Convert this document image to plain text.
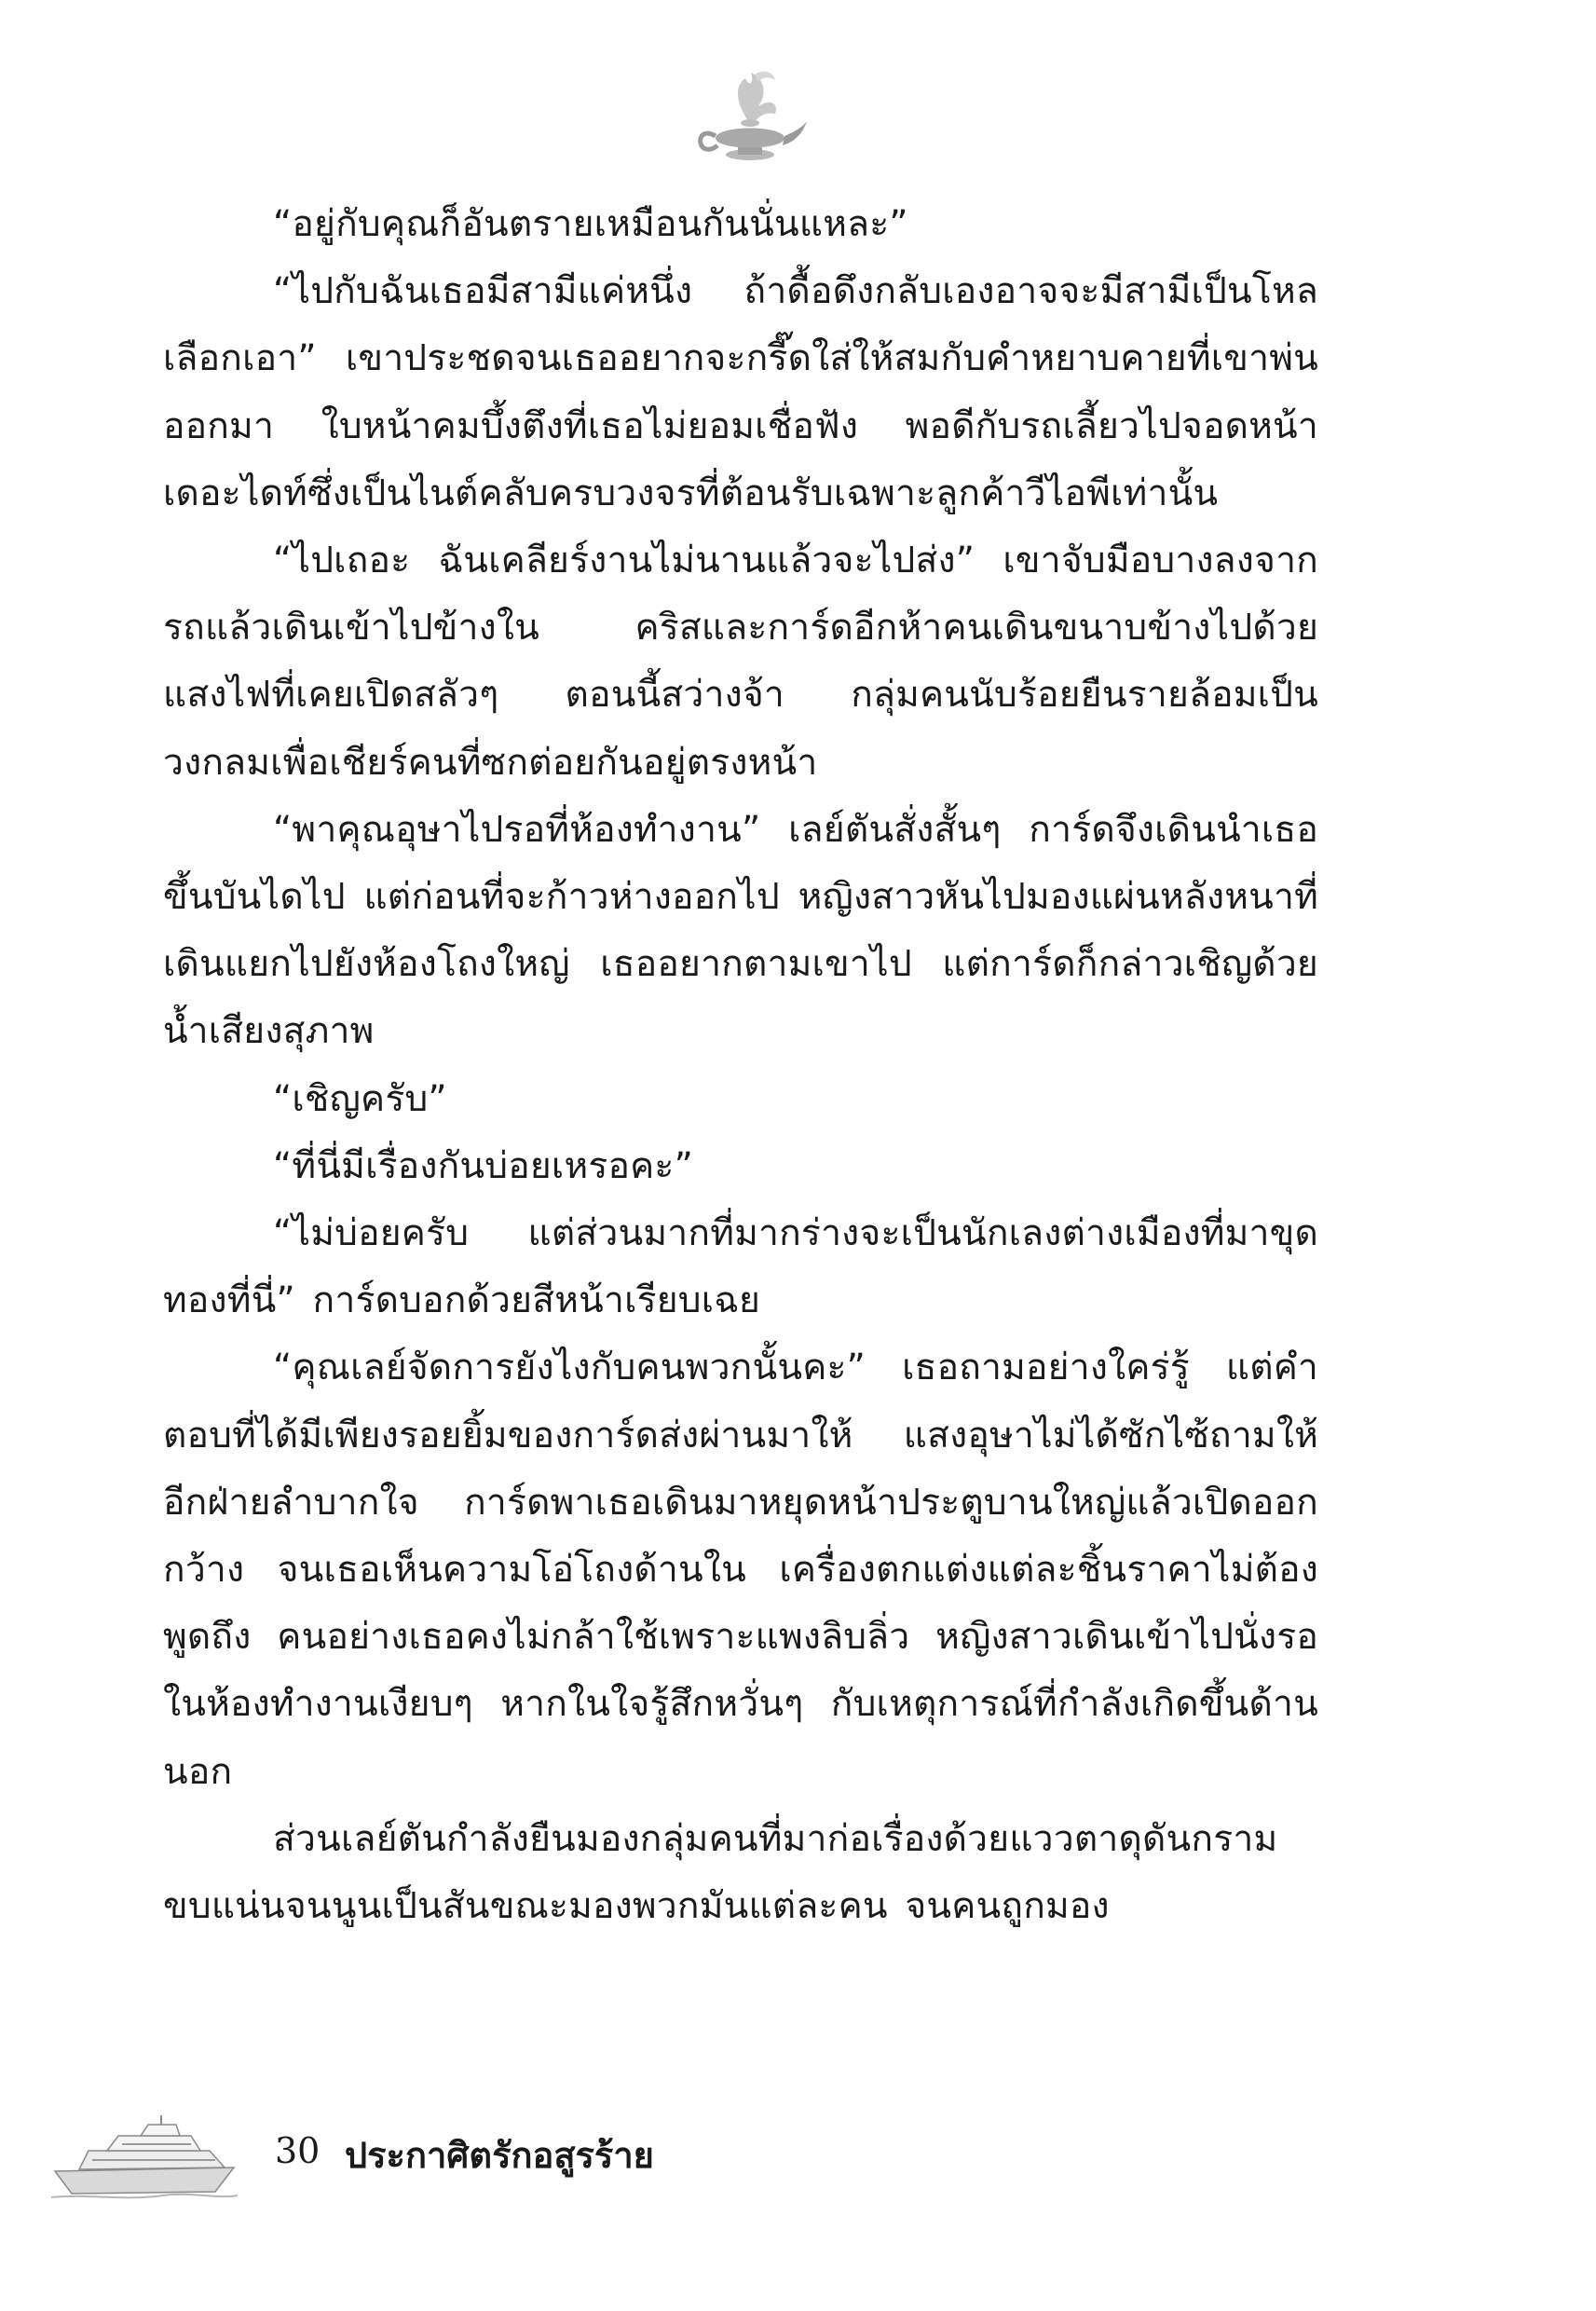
“อยู่กับคุณก็อันตรายเหมือนกันนั่นแหละ”

“ไปกับฉันเธอมีสามีแค่หนึ่ง ถ้าดื้อดึงกลับเองอาจจะมีสามีเป็นโหลเลือกเอา” เขาประชดจนเธออยากจะกรี๊ดใส่ให้สมกับคำหยาบคายที่เขาพ่นออกมา ใบหน้าคมบึ้งตึงที่เธอไม่ยอมเชื่อฟัง พอดีกับรถเลี้ยวไปจอดหน้าเดอะไดท์ซึ่งเป็นไนต์คลับครบวงจรที่ต้อนรับเฉพาะลูกค้าวีไอพีเท่านั้น

“ไปเถอะ ฉันเคลียร์งานไม่นานแล้วจะไปส่ง” เขาจับมือบางลงจากรถแล้วเดินเข้าไปข้างใน คริสและการ์ดอีกห้าคนเดินขนาบข้างไปด้วย แสงไฟที่เคยเปิดสลัวๆ ตอนนี้สว่างจ้า กลุ่มคนนับร้อยยืนรายล้อมเป็นวงกลมเพื่อเชียร์คนที่ซกต่อยกันอยู่ตรงหน้า

“พาคุณอุษาไปรอที่ห้องทำงาน” เลย์ตันสั่งสั้นๆ การ์ดจึงเดินนำเธอขึ้นบันไดไป แต่ก่อนที่จะก้าวห่างออกไป หญิงสาวหันไปมองแผ่นหลังหนาที่เดินแยกไปยังห้องโถงใหญ่ เธออยากตามเขาไป แต่การ์ดก็กล่าวเชิญด้วยน้ำเสียงสุภาพ

“เชิญครับ”

“ที่นี่มีเรื่องกันบ่อยเหรอคะ”

“ไม่บ่อยครับ แต่ส่วนมากที่มากร่างจะเป็นนักเลงต่างเมืองที่มาขุดทองที่นี่” การ์ดบอกด้วยสีหน้าเรียบเฉย

“คุณเลย์จัดการยังไงกับคนพวกนั้นคะ” เธอถามอย่างใคร่รู้ แต่คำตอบที่ได้มีเพียงรอยยิ้มของการ์ดส่งผ่านมาให้ แสงอุษาไม่ได้ซักไซ้ถามให้อีกฝ่ายลำบากใจ การ์ดพาเธอเดินมาหยุดหน้าประตูบานใหญ่แล้วเปิดออกกว้าง จนเธอเห็นความโอ่โถงด้านใน เครื่องตกแต่งแต่ละชิ้นราคาไม่ต้องพูดถึง คนอย่างเธอคงไม่กล้าใช้เพราะแพงลิบลิ่ว หญิงสาวเดินเข้าไปนั่งรอในห้องทำงานเงียบๆ หากในใจรู้สึกหวั่นๆ กับเหตุการณ์ที่กำลังเกิดขึ้นด้านนอก

ส่วนเลย์ตันกำลังยืนมองกลุ่มคนที่มาก่อเรื่องด้วยแววตาดุดันกรามขบแน่นจนนูนเป็นสันขณะมองพวกมันแต่ละคน จนคนถูกมอง

30 ประกาศิตรักอสูรร้าย
